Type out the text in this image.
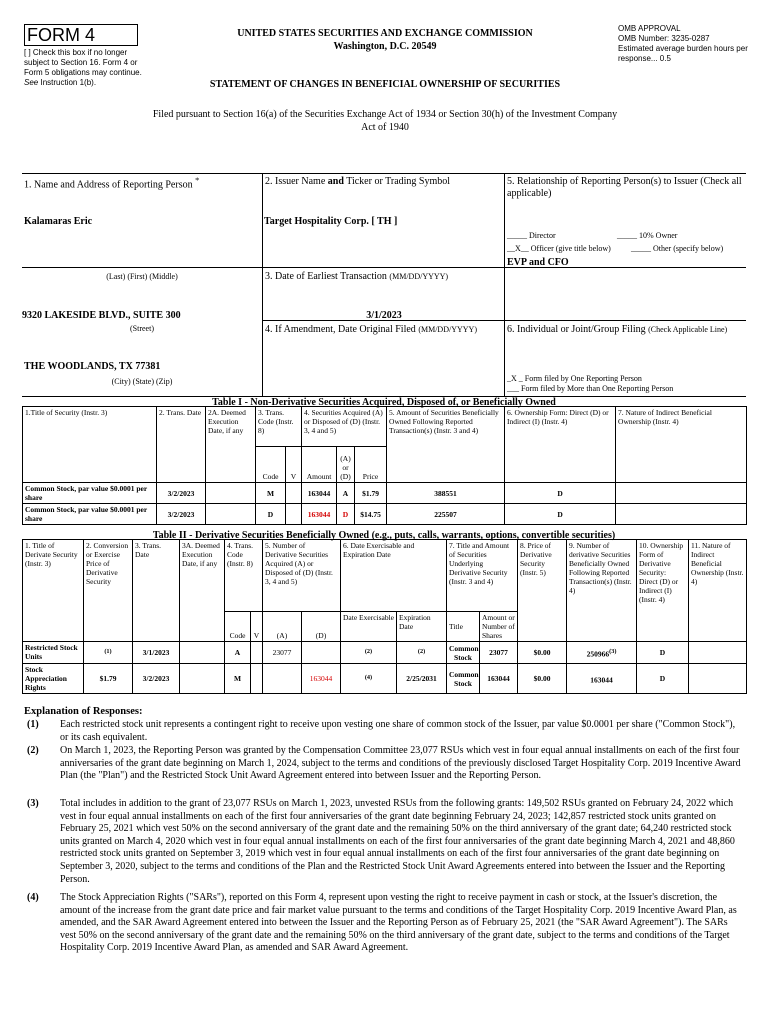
FORM 4
[ ] Check this box if no longer subject to Section 16. Form 4 or Form 5 obligations may continue. See Instruction 1(b).
UNITED STATES SECURITIES AND EXCHANGE COMMISSION
Washington, D.C. 20549
STATEMENT OF CHANGES IN BENEFICIAL OWNERSHIP OF SECURITIES
OMB APPROVAL
OMB Number: 3235-0287
Estimated average burden hours per response... 0.5
Filed pursuant to Section 16(a) of the Securities Exchange Act of 1934 or Section 30(h) of the Investment Company Act of 1940
1. Name and Address of Reporting Person *
Kalamaras Eric
(Last) (First) (Middle)
9320 LAKESIDE BLVD., SUITE 300
(Street)
THE WOODLANDS, TX 77381
(City) (State) (Zip)
2. Issuer Name and Ticker or Trading Symbol
Target Hospitality Corp. [ TH ]
3. Date of Earliest Transaction (MM/DD/YYYY)
3/1/2023
4. If Amendment, Date Original Filed (MM/DD/YYYY)
5. Relationship of Reporting Person(s) to Issuer (Check all applicable)
_____ Director	_____ 10% Owner
__X__ Officer (give title below)	_____ Other (specify below)
EVP and CFO
6. Individual or Joint/Group Filing (Check Applicable Line)
_X _ Form filed by One Reporting Person
___ Form filed by More than One Reporting Person
Table I - Non-Derivative Securities Acquired, Disposed of, or Beneficially Owned
1.Title of Security (Instr. 3)	2. Trans. Date	2A. Deemed Execution Date, if any	3. Trans. Code (Instr. 8)		4. Securities Acquired (A) or Disposed of (D) (Instr. 3, 4 and 5)			5. Amount of Securities Beneficially Owned Following Reported Transaction(s) (Instr. 3 and 4)	6. Ownership Form: Direct (D) or Indirect (I) (Instr. 4)	7. Nature of Indirect Beneficial Ownership (Instr. 4)
			Code	V	Amount	(A) or (D)	Price			
Common Stock, par value $0.0001 per share	3/2/2023		M		163044	A	$1.79	388551	D	
Common Stock, par value $0.0001 per share	3/2/2023		D		163044	D	$14.75	225507	D	
Table II - Derivative Securities Beneficially Owned (e.g., puts, calls, warrants, options, convertible securities)
1. Title of Derivate Security (Instr. 3)	2. Conversion or Exercise Price of Derivative Security	3. Trans. Date	3A. Deemed Execution Date, if any	4. Trans. Code (Instr. 8)		5. Number of Derivative Securities Acquired (A) or Disposed of (D) (Instr. 3, 4 and 5)		6. Date Exercisable and Expiration Date		7. Title and Amount of Securities Underlying Derivative Security (Instr. 3 and 4)		8. Price of Derivative Security (Instr. 5)	9. Number of derivative Securities Beneficially Owned Following Reported Transaction(s) (Instr. 4)	10. Ownership Form of Derivative Security: Direct (D) or Indirect (I) (Instr. 4)	11. Nature of Indirect Beneficial Ownership (Instr. 4)
				Code	V	(A)	(D)	Date Exercisable	Expiration Date	Title	Amount or Number of Shares				
Restricted Stock Units	$^{(1)}$	3/1/2023		A		23077		$^{(2)}$	$^{(2)}$	Common Stock	23077	$0.00	250966$^{(3)}$	D	
Stock Appreciation Rights	$1.79	3/2/2023		M			163044	$^{(4)}$	2/25/2031	Common Stock	163044	$0.00	163044	D	
Explanation of Responses:
(1) Each restricted stock unit represents a contingent right to receive upon vesting one share of common stock of the Issuer, par value $0.0001 per share ("Common Stock"), or its cash equivalent.
(2) On March 1, 2023, the Reporting Person was granted by the Compensation Committee 23,077 RSUs which vest in four equal annual installments on each of the first four anniversaries of the grant date beginning on March 1, 2024, subject to the terms and conditions of the previously disclosed Target Hospitality Corp. 2019 Incentive Award Plan (the "Plan") and the Restricted Stock Unit Award Agreement entered into between Issuer and the Reporting Person.
(3) Total includes in addition to the grant of 23,077 RSUs on March 1, 2023, unvested RSUs from the following grants: 149,502 RSUs granted on February 24, 2022 which vest in four equal annual installments on each of the first four anniversaries of the grant date beginning February 24, 2023; 142,857 restricted stock units granted on February 25, 2021 which vest 50% on the second anniversary of the grant date and the remaining 50% on the third anniversary of the grant date; 64,240 restricted stock units granted on March 4, 2020 which vest in four equal annual installments on each of the first four anniversaries of the grant date beginning March 4, 2021 and 48,860 restricted stock units granted on September 3, 2019 which vest in four equal annual installments on each of the first four anniversaries of the grant date beginning on September 3, 2020, subject to the terms and conditions of the Plan and the Restricted Stock Unit Award Agreements entered into between the Issuer and the Reporting Person.
(4) The Stock Appreciation Rights ("SARs"), reported on this Form 4, represent upon vesting the right to receive payment in cash or stock, at the Issuer's discretion, the amount of the increase from the grant date price and fair market value pursuant to the terms and conditions of the Target Hospitality Corp. 2019 Incentive Award Plan, as amended, and the SAR Award Agreement entered into between the Issuer and the Reporting Person as of February 25, 2021 (the "SAR Award Agreement"). The SARs vest 50% on the second anniversary of the grant date and the remaining 50% on the third anniversary of the grant date, subject to the terms and conditions of the Target Hospitality Corp. 2019 Incentive Award Plan, as amended and SAR Award Agreement.
